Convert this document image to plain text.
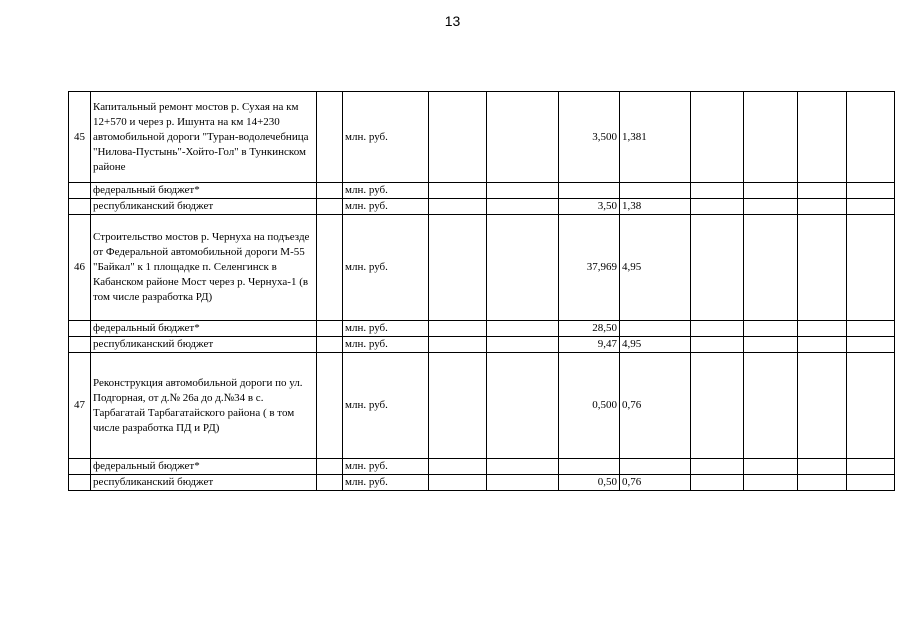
13
45	Капитальный ремонт мостов р. Сухая на км 12+570 и через р. Ишунта на км 14+230 автомобильной дороги "Туран-водолечебница "Нилова-Пустынь"-Хойто-Гол" в Тункинском районе		млн. руб.			3,500	1,381				
	федеральный бюджет*		млн. руб.								
	республиканский бюджет		млн. руб.			3,50	1,38				
46	Строительство мостов р. Чернуха на подъезде от Федеральной автомобильной дороги М-55 "Байкал" к 1 площадке п. Селенгинск в Кабанском районе Мост через р. Чернуха-1 (в том числе разработка РД)		млн. руб.			37,969	4,95				
	федеральный бюджет*		млн. руб.			28,50					
	республиканский бюджет		млн. руб.			9,47	4,95				
47	Реконструкция автомобильной дороги по ул. Подгорная, от д.№ 26а до д.№34 в с. Тарбагатай Тарбагатайского района ( в том числе разработка ПД и РД)		млн. руб.			0,500	0,76				
	федеральный бюджет*		млн. руб.								
	республиканский бюджет		млн. руб.			0,50	0,76				
